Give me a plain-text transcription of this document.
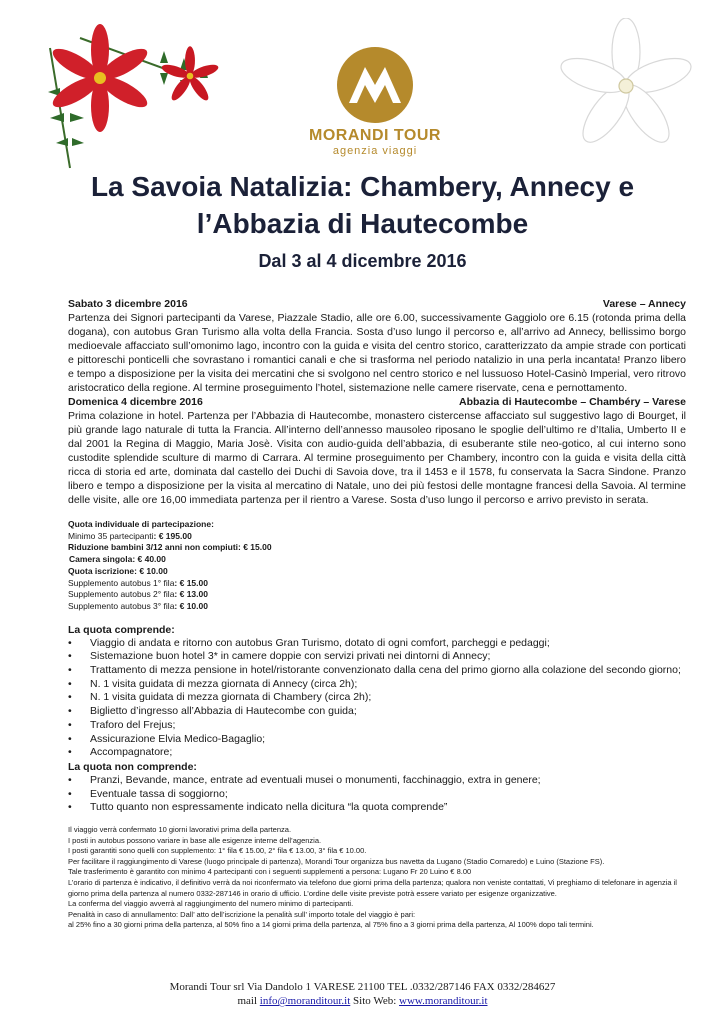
MORANDI TOUR
agenzia viaggi
La Savoia Natalizia: Chambery, Annecy e
l’Abbazia di Hautecombe
Dal 3 al 4 dicembre 2016
Sabato 3 dicembre 2016	Varese – Annecy
Partenza dei Signori partecipanti da Varese, Piazzale Stadio, alle ore 6.00, successivamente Gaggiolo ore 6.15 (rotonda prima della dogana), con autobus Gran Turismo alla volta della Francia. Sosta d’uso lungo il percorso e, all’arrivo ad Annecy, bellissimo borgo medioevale affacciato sull’omonimo lago, incontro con la guida e visita del centro storico, caratterizzato da ampie strade con porticati e pittoreschi ponticelli che sovrastano i romantici canali e che si trasforma nel periodo natalizio in una perla incantata! Pranzo libero e tempo a disposizione per la visita dei mercatini che si svolgono nel centro storico e nel lussuoso Hotel-Casinò Imperial, vero ritrovo aristocratico della regione. Al termine proseguimento l’hotel, sistemazione nelle camere riservate, cena e pernottamento.
Domenica 4 dicembre 2016	Abbazia di Hautecombe – Chambéry – Varese
Prima colazione in hotel. Partenza per l’Abbazia di Hautecombe, monastero cistercense affacciato sul suggestivo lago di Bourget, il più grande lago naturale di tutta la Francia. All’interno dell’annesso mausoleo riposano le spoglie dell’ultimo re d’Italia, Umberto II e dal 2001 la Regina di Maggio, Maria Josè. Visita con audio-guida dell’abbazia, di esuberante stile neo-gotico, al cui interno sono custodite splendide sculture di marmo di Carrara. Al termine proseguimento per Chambery, incontro con la guida e visita della città ricca di storia ed arte, dominata dal castello dei Duchi di Savoia dove, tra il 1453 e il 1578, fu conservata la Sacra Sindone. Pranzo libero e tempo a disposizione per la visita al mercatino di Natale, uno dei più festosi delle montagne francesi della Savoia. Al termine delle visite, alle ore 16,00 immediata partenza per il rientro a Varese. Sosta d’uso lungo il percorso e arrivo previsto in serata.
Quota individuale di partecipazione:
Minimo 35 partecipanti: € 195.00
Riduzione bambini 3/12 anni non compiuti: € 15.00
Camera singola: € 40.00
Quota iscrizione: € 10.00
Supplemento autobus 1° fila: € 15.00
Supplemento autobus 2° fila: € 13.00
Supplemento autobus 3° fila: € 10.00
La quota comprende:
• Viaggio di andata e ritorno con autobus Gran Turismo, dotato di ogni comfort, parcheggi e pedaggi;
• Sistemazione buon hotel 3* in camere doppie con servizi privati nei dintorni di Annecy;
• Trattamento di mezza pensione in hotel/ristorante convenzionato dalla cena del primo giorno alla colazione del secondo giorno;
• N. 1 visita guidata di mezza giornata di Annecy (circa 2h);
• N. 1 visita guidata di mezza giornata di Chambery (circa 2h);
• Biglietto d’ingresso all’Abbazia di Hautecombe con guida;
• Traforo del Frejus;
• Assicurazione Elvia Medico-Bagaglio;
• Accompagnatore;
La quota non comprende:
• Pranzi, Bevande, mance, entrate ad eventuali musei o monumenti, facchinaggio, extra in genere;
• Eventuale tassa di soggiorno;
• Tutto quanto non espressamente indicato nella dicitura “la quota comprende”
Il viaggio verrà confermato 10 giorni lavorativi prima della partenza.
I posti in autobus possono variare in base alle esigenze interne dell’agenzia.
I posti garantiti sono quelli con supplemento: 1° fila € 15.00, 2° fila € 13.00, 3° fila € 10.00.
Per facilitare il raggiungimento di Varese (luogo principale di partenza), Morandi Tour organizza bus navetta da Lugano (Stadio Cornaredo) e Luino (Stazione FS).
Tale trasferimento è garantito con minimo 4 partecipanti con i seguenti supplementi a persona: Lugano Fr 20 Luino € 8.00
L’orario di partenza è indicativo, il definitivo verrà da noi riconfermato via telefono due giorni prima della partenza; qualora non veniste contattati, Vi preghiamo di telefonare in agenzia il giorno prima della partenza al numero 0332-287146 in orario di ufficio. L’ordine delle visite previste potrà essere variato per esigenze organizzative.
La conferma del viaggio avverrà al raggiungimento del numero minimo di partecipanti.
Penalità in caso di annullamento: Dall’ atto dell’iscrizione la penalità sull’ importo totale del viaggio è pari:
al 25% fino a 30 giorni prima della partenza, al 50% fino a 14 giorni prima della partenza, al 75% fino a 3 giorni prima della partenza, Al 100% dopo tali termini.
Morandi Tour srl Via Dandolo 1 VARESE 21100 TEL .0332/287146 FAX 0332/284627
mail info@moranditour.it Sito Web: www.moranditour.it
